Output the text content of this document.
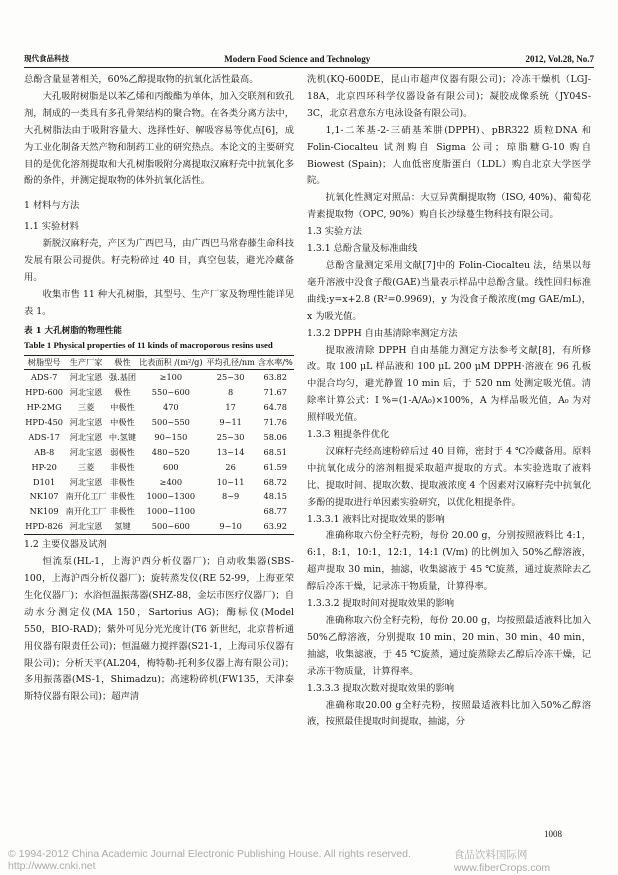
现代食品科技	Modern Food Science and Technology	2012, Vol.28, No.7

总酚含量显著相关，60%乙醇提取物的抗氧化活性最高。

大孔吸附树脂是以苯乙烯和丙酸酯为单体，加入交联剂和致孔剂，制成的一类具有多孔骨架结构的聚合物。在各类分离方法中，大孔树脂法由于吸附容量大、选择性好、解吸容易等优点[6]，成为工业化制备天然产物和制药工业的研究热点。本论文的主要研究目的是优化溶剂提取和大孔树脂吸附分离提取汉麻籽壳中抗氧化多酚的条件，并测定提取物的体外抗氧化活性。

1 材料与方法

1.1 实验材料

新脱汉麻籽壳，产区为广西巴马，由广西巴马常春藤生命科技发展有限公司提供。籽壳粉碎过 40 目，真空包装，避光冷藏备用。

收集市售 11 种大孔树脂，其型号、生产厂家及物理性能详见表 1。

表 1 大孔树脂的物理性能

Table 1 Physical properties of 11 kinds of macroporous resins used

树脂型号	生产厂家	极性	比表面积 /(m²/g)	平均孔径/nm	含水率/%
ADS-7	河北宝恩	强.基团	≥100	25~30	63.82
HPD-600	河北宝恩	极性	550~600	8	71.67
HP-2MG	三菱	中极性	470	17	64.78
HPD-450	河北宝恩	中极性	500~550	9~11	71.76
ADS-17	河北宝恩	中.氢键	90~150	25~30	58.06
AB-8	河北宝恩	弱极性	480~520	13~14	68.51
HP-20	三菱	非极性	600	26	61.59
D101	河北宝恩	非极性	≥400	10~11	68.72
NK107	南开化工厂	非极性	1000~1300	8~9	48.15
NK109	南开化工厂	非极性	1000~1100		68.77
HPD-826	河北宝恩	氢键	500~600	9~10	63.92

1.2 主要仪器及试剂

恒流泵(HL-1，上海沪西分析仪器厂)；自动收集器(SBS-100，上海沪西分析仪器厂)；旋转蒸发仪(RE 52-99，上海亚荣生化仪器厂)；水浴恒温振荡器(SHZ-88，金坛市医疗仪器厂)；自动水分测定仪(MA 150，Sartorius AG)；酶标仪(Model 550，BIO-RAD)；紫外可见分光光度计(T6 新世纪，北京普析通用仪器有限责任公司)；恒温磁力搅拌器(S21-1，上海司乐仪器有限公司)；分析天平(AL204，梅特勒-托利多仪器上海有限公司)；多用振荡器(MS-1，Shimadzu)；高速粉碎机(FW135，天津泰斯特仪器有限公司)；超声清

洗机(KQ-600DE，昆山市超声仪器有限公司)；冷冻干燥机（LGJ-18A，北京四环科学仪器设备有限公司)；凝胶成像系统（JY04S-3C，北京君意东方电泳设备有限公司)。

1,1-二苯基-2-三硝基苯肼(DPPH)、pBR322 质粒DNA 和 Folin-Ciocalteu 试剂购自 Sigma 公司；琼脂糖G-10 购自 Biowest (Spain)；人血低密度脂蛋白（LDL）购自北京大学医学院。

抗氧化性测定对照品：大豆异黄酮提取物（ISO, 40%)、葡萄花青素提取物（OPC, 90%）购自长沙绿蔓生物科技有限公司。

1.3 实验方法

1.3.1 总酚含量及标准曲线

总酚含量测定采用文献[7]中的 Folin-Ciocalteu 法，结果以每毫升溶液中没食子酸(GAE)当量表示样品中总酚含量。线性回归标准曲线:y=x+2.8 (R²=0.9969)，y 为没食子酸浓度(mg GAE/mL)，x 为吸光值。

1.3.2 DPPH 自由基清除率测定方法

提取液清除 DPPH 自由基能力测定方法参考文献[8]，有所修改。取 100 μL 样品液和 100 μL 200 μM DPPH·溶液在 96 孔板中混合均匀，避光静置 10 min 后，于 520 nm 处测定吸光值。清除率计算公式：I %=(1-A/A₀)×100%，A 为样品吸光值，A₀ 为对照样吸光值。

1.3.3 粗提条件优化

汉麻籽壳经高速粉碎后过 40 目筛，密封于 4 ℃冷藏备用。原料中抗氧化成分的溶剂粗提采取超声提取的方式。本实验选取了液料比、提取时间、提取次数、提取液浓度 4 个因素对汉麻籽壳中抗氧化多酚的提取进行单因素实验研究，以优化粗提条件。

1.3.3.1 液料比对提取效果的影响

准确称取六份全籽壳粉，每份 20.00 g，分别按照液料比 4:1，6:1，8:1，10:1，12:1，14:1 (V/m) 的比例加入 50%乙醇溶液，超声提取 30 min，抽滤，收集滤液于 45 ℃旋蒸，通过旋蒸除去乙醇后冷冻干燥，记录冻干物质量，计算得率。

1.3.3.2 提取时间对提取效果的影响

准确称取六份全籽壳粉，每份 20.00 g，均按照最适液料比加入 50%乙醇溶液，分别提取 10 min、20 min、30 min、40 min，抽滤，收集滤液，于 45 ℃旋蒸，通过旋蒸除去乙醇后冷冻干燥，记录冻干物质量，计算得率。

1.3.3.3 提取次数对提取效果的影响

准确称取20.00 g全籽壳粉，按照最适液料比加入50%乙醇溶液，按照最佳提取时间提取，抽滤，分

1008
© 1994-2012 China Academic Journal Electronic Publishing House. All rights reserved. http://www.cnki.net
食品饮料国际网 www.fiberCrops.com
